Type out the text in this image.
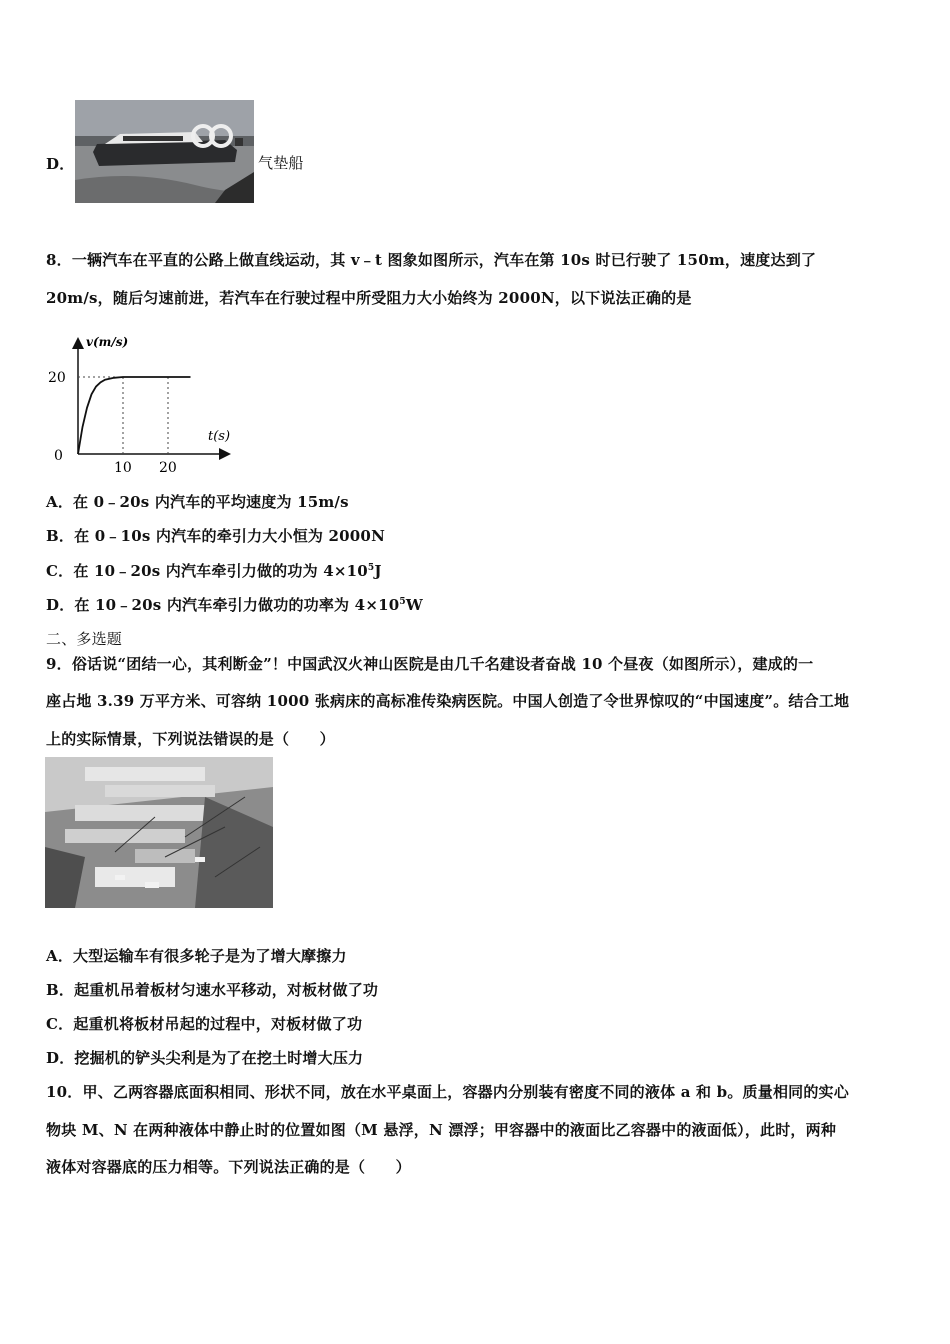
D．	气垫船
8．一辆汽车在平直的公路上做直线运动，其 v﹣t 图象如图所示，汽车在第 10s 时已行驶了 150m，速度达到了
20m/s，随后匀速前进，若汽车在行驶过程中所受阻力大小始终为 2000N，以下说法正确的是
v(m/s)
t(s)
0
20
10 20
A．在 0﹣20s 内汽车的平均速度为 15m/s
B．在 0﹣10s 内汽车的牵引力大小恒为 2000N
C．在 10﹣20s 内汽车牵引力做的功为 $4\times 10^5J$
D．在 10﹣20s 内汽车牵引力做功的功率为 $4\times 10^5W$
二、多选题
9．俗话说“团结一心，其利断金”！中国武汉火神山医院是由几千名建设者奋战 10 个昼夜（如图所示），建成的一
座占地 3.39 万平方米、可容纳 1000 张病床的高标准传染病医院。中国人创造了令世界惊叹的“中国速度”。结合工地
上的实际情景，下列说法错误的是（　　）
A．大型运输车有很多轮子是为了增大摩擦力
B．起重机吊着板材匀速水平移动，对板材做了功
C．起重机将板材吊起的过程中，对板材做了功
D．挖掘机的铲头尖利是为了在挖土时增大压力
10．甲、乙两容器底面积相同、形状不同，放在水平桌面上，容器内分别装有密度不同的液体 a 和 b。质量相同的实心
物块 M、N 在两种液体中静止时的位置如图（M 悬浮，N 漂浮；甲容器中的液面比乙容器中的液面低），此时，两种
液体对容器底的压力相等。下列说法正确的是（　　）
